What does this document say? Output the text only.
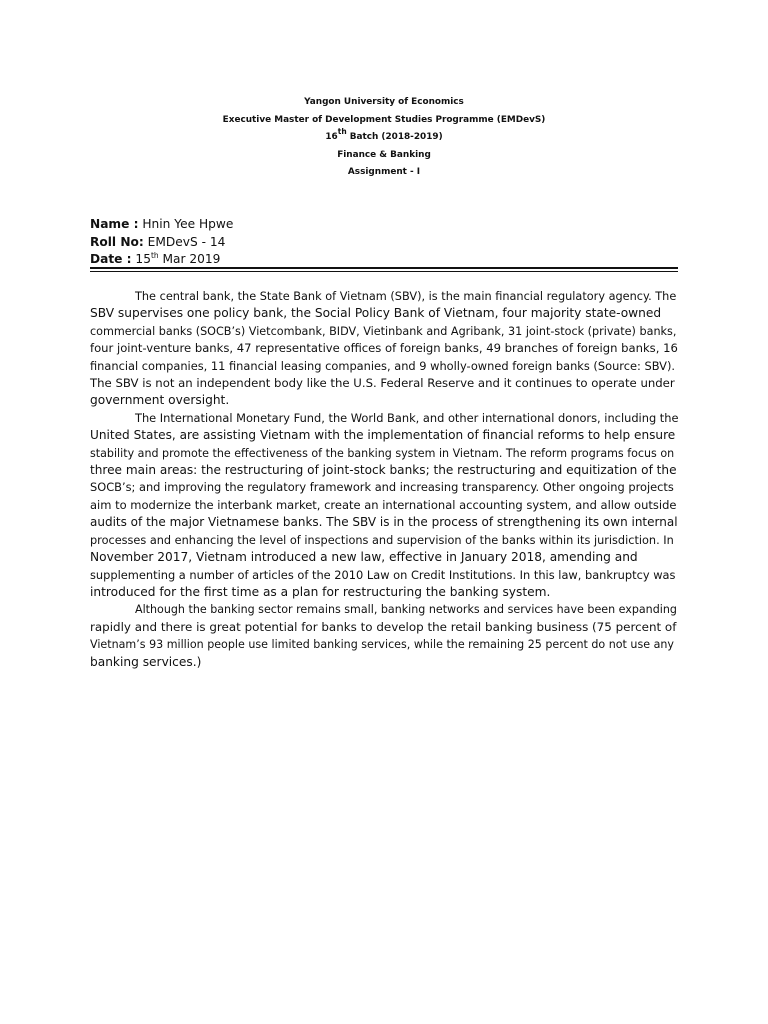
Yangon University of Economics
Executive Master of Development Studies Programme (EMDevS)
16th Batch (2018-2019)
Finance & Banking
Assignment - I
Name : Hnin Yee Hpwe
Roll No: EMDevS - 14
Date : 15th Mar 2019
The central bank, the State Bank of Vietnam (SBV), is the main financial regulatory agency. The
SBV supervises one policy bank, the Social Policy Bank of Vietnam, four majority state-owned
commercial banks (SOCB’s) Vietcombank, BIDV, Vietinbank and Agribank, 31 joint-stock (private) banks,
four joint-venture banks, 47 representative offices of foreign banks, 49 branches of foreign banks, 16
financial companies, 11 financial leasing companies, and 9 wholly-owned foreign banks (Source: SBV).
The SBV is not an independent body like the U.S. Federal Reserve and it continues to operate under
government oversight.
The International Monetary Fund, the World Bank, and other international donors, including the
United States, are assisting Vietnam with the implementation of financial reforms to help ensure
stability and promote the effectiveness of the banking system in Vietnam. The reform programs focus on
three main areas: the restructuring of joint-stock banks; the restructuring and equitization of the
SOCB’s; and improving the regulatory framework and increasing transparency. Other ongoing projects
aim to modernize the interbank market, create an international accounting system, and allow outside
audits of the major Vietnamese banks. The SBV is in the process of strengthening its own internal
processes and enhancing the level of inspections and supervision of the banks within its jurisdiction. In
November 2017, Vietnam introduced a new law, effective in January 2018, amending and
supplementing a number of articles of the 2010 Law on Credit Institutions. In this law, bankruptcy was
introduced for the first time as a plan for restructuring the banking system.
Although the banking sector remains small, banking networks and services have been expanding
rapidly and there is great potential for banks to develop the retail banking business (75 percent of
Vietnam’s 93 million people use limited banking services, while the remaining 25 percent do not use any
banking services.)
